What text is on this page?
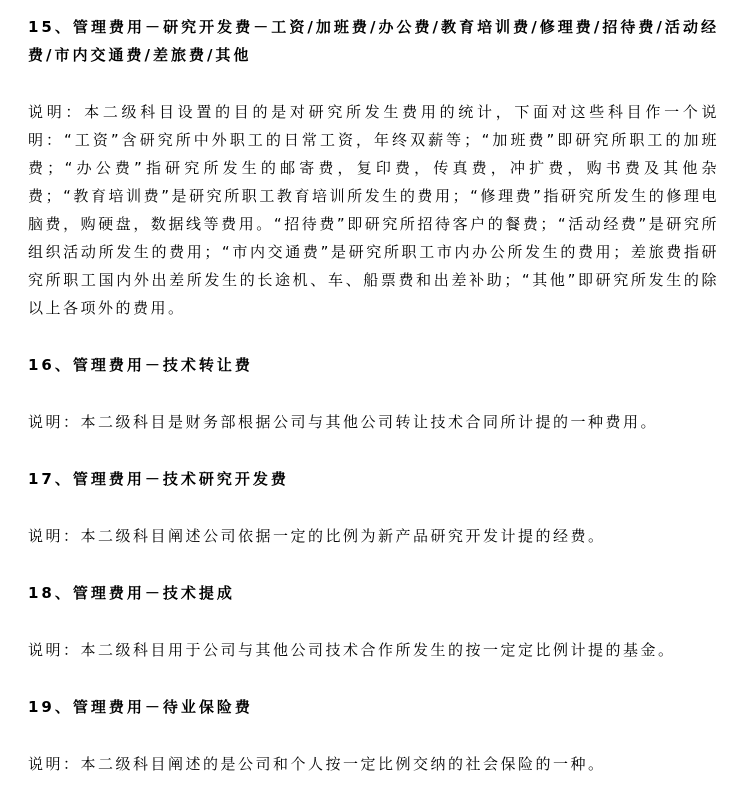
15、管理费用－研究开发费－工资/加班费/办公费/教育培训费/修理费/招待费/活动经费/市内交通费/差旅费/其他

说明：本二级科目设置的目的是对研究所发生费用的统计，下面对这些科目作一个说明：“工资”含研究所中外职工的日常工资，年终双薪等；“加班费”即研究所职工的加班费；“办公费”指研究所发生的邮寄费，复印费，传真费，冲扩费，购书费及其他杂费；“教育培训费”是研究所职工教育培训所发生的费用；“修理费”指研究所发生的修理电脑费，购硬盘，数据线等费用。“招待费”即研究所招待客户的餐费；“活动经费”是研究所组织活动所发生的费用；“市内交通费”是研究所职工市内办公所发生的费用；差旅费指研究所职工国内外出差所发生的长途机、车、船票费和出差补助；“其他”即研究所发生的除以上各项外的费用。

16、管理费用－技术转让费

说明：本二级科目是财务部根据公司与其他公司转让技术合同所计提的一种费用。

17、管理费用－技术研究开发费

说明：本二级科目阐述公司依据一定的比例为新产品研究开发计提的经费。

18、管理费用－技术提成

说明：本二级科目用于公司与其他公司技术合作所发生的按一定定比例计提的基金。

19、管理费用－待业保险费

说明：本二级科目阐述的是公司和个人按一定比例交纳的社会保险的一种。
